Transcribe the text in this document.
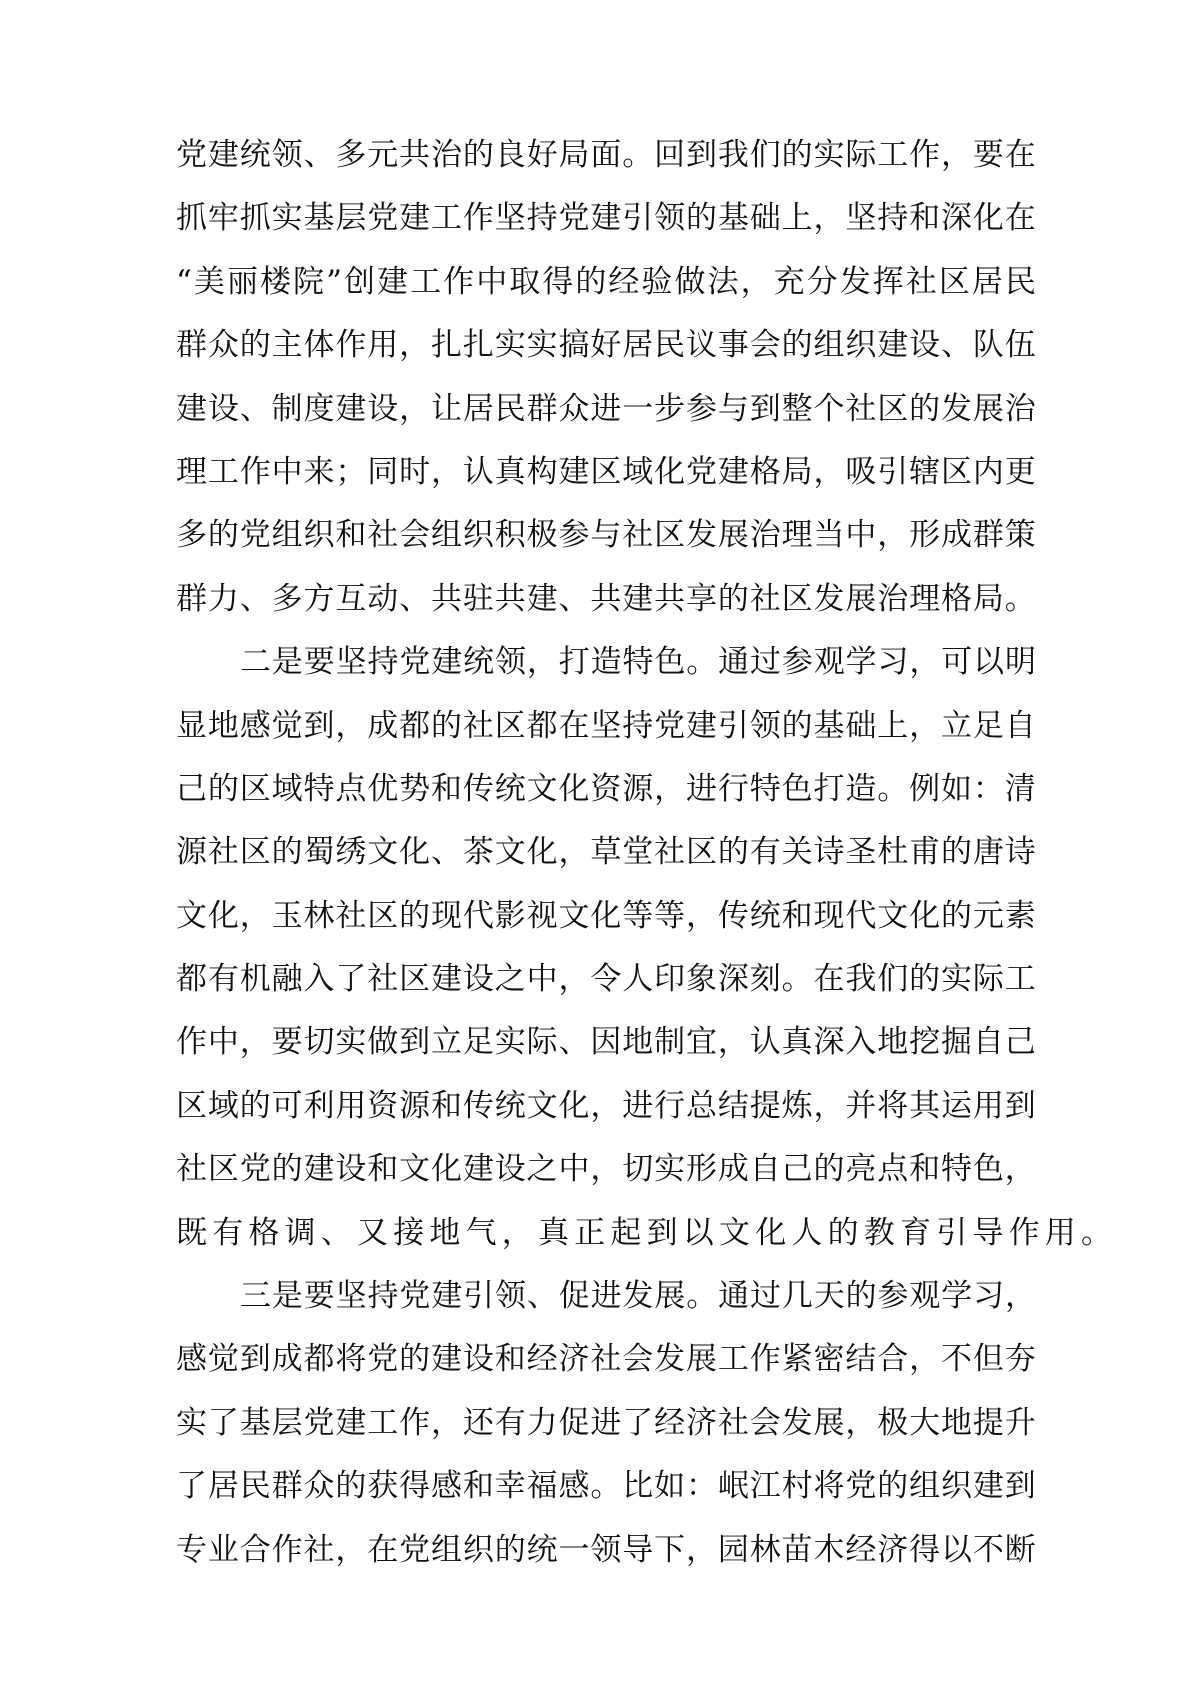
党 建 统 领 、 多 元 共 治 的 良 好 局 面 。 回 到 我 们 的 实 际 工 作 ， 要 在
抓 牢 抓 实 基 层 党 建 工 作 坚 持 党 建 引 领 的 基 础 上 ， 坚 持 和 深 化 在
“ 美 丽 楼 院 ” 创 建 工 作 中 取 得 的 经 验 做 法 ， 充 分 发 挥 社 区 居 民
群 众 的 主 体 作 用 ， 扎 扎 实 实 搞 好 居 民 议 事 会 的 组 织 建 设 、 队 伍
建 设 、 制 度 建 设 ， 让 居 民 群 众 进 一 步 参 与 到 整 个 社 区 的 发 展 治
理 工 作 中 来 ； 同 时 ， 认 真 构 建 区 域 化 党 建 格 局 ， 吸 引 辖 区 内 更
多 的 党 组 织 和 社 会 组 织 积 极 参 与 社 区 发 展 治 理 当 中 ， 形 成 群 策
群 力 、 多 方 互 动 、 共 驻 共 建 、 共 建 共 享 的 社 区 发 展 治 理 格 局 。
二 是 要 坚 持 党 建 统 领 ， 打 造 特 色 。 通 过 参 观 学 习 ， 可 以 明
显 地 感 觉 到 ， 成 都 的 社 区 都 在 坚 持 党 建 引 领 的 基 础 上 ， 立 足 自
己 的 区 域 特 点 优 势 和 传 统 文 化 资 源 ， 进 行 特 色 打 造 。 例 如 ： 清
源 社 区 的 蜀 绣 文 化 、 茶 文 化 ， 草 堂 社 区 的 有 关 诗 圣 杜 甫 的 唐 诗
文 化 ， 玉 林 社 区 的 现 代 影 视 文 化 等 等 ， 传 统 和 现 代 文 化 的 元 素
都 有 机 融 入 了 社 区 建 设 之 中 ， 令 人 印 象 深 刻 。 在 我 们 的 实 际 工
作 中 ， 要 切 实 做 到 立 足 实 际 、 因 地 制 宜 ， 认 真 深 入 地 挖 掘 自 己
区 域 的 可 利 用 资 源 和 传 统 文 化 ， 进 行 总 结 提 炼 ， 并 将 其 运 用 到
社 区 党 的 建 设 和 文 化 建 设 之 中 ， 切 实 形 成 自 己 的 亮 点 和 特 色 ，
既有格调、又接地气，真正起到以文化人的教育引导作用。
三 是 要 坚 持 党 建 引 领 、 促 进 发 展 。 通 过 几 天 的 参 观 学 习 ，
感 觉 到 成 都 将 党 的 建 设 和 经 济 社 会 发 展 工 作 紧 密 结 合 ， 不 但 夯
实 了 基 层 党 建 工 作 ， 还 有 力 促 进 了 经 济 社 会 发 展 ， 极 大 地 提 升
了 居 民 群 众 的 获 得 感 和 幸 福 感 。 比 如 ： 岷 江 村 将 党 的 组 织 建 到
专 业 合 作 社 ， 在 党 组 织 的 统 一 领 导 下 ， 园 林 苗 木 经 济 得 以 不 断
